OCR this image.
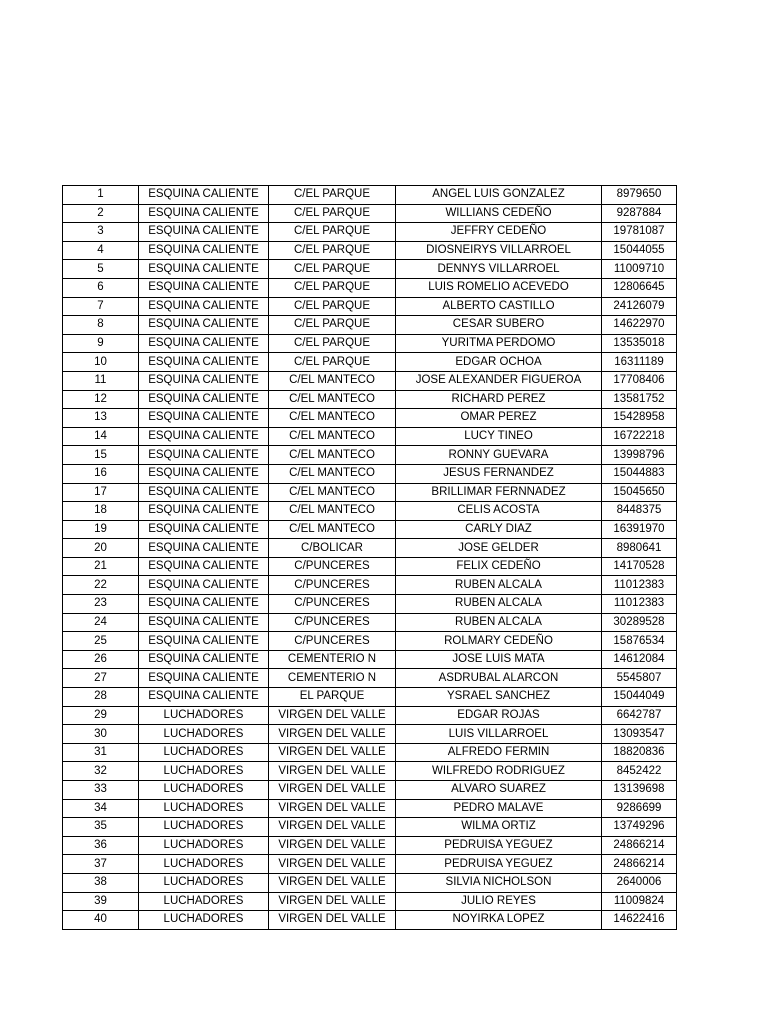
1	ESQUINA CALIENTE	C/EL PARQUE	ANGEL LUIS GONZALEZ	8979650
2	ESQUINA CALIENTE	C/EL PARQUE	WILLIANS CEDEÑO	9287884
3	ESQUINA CALIENTE	C/EL PARQUE	JEFFRY CEDEÑO	19781087
4	ESQUINA CALIENTE	C/EL PARQUE	DIOSNEIRYS VILLARROEL	15044055
5	ESQUINA CALIENTE	C/EL PARQUE	DENNYS VILLARROEL	11009710
6	ESQUINA CALIENTE	C/EL PARQUE	LUIS ROMELIO ACEVEDO	12806645
7	ESQUINA CALIENTE	C/EL PARQUE	ALBERTO CASTILLO	24126079
8	ESQUINA CALIENTE	C/EL PARQUE	CESAR SUBERO	14622970
9	ESQUINA CALIENTE	C/EL PARQUE	YURITMA PERDOMO	13535018
10	ESQUINA CALIENTE	C/EL PARQUE	EDGAR OCHOA	16311189
11	ESQUINA CALIENTE	C/EL MANTECO	JOSE ALEXANDER FIGUEROA	17708406
12	ESQUINA CALIENTE	C/EL MANTECO	RICHARD PEREZ	13581752
13	ESQUINA CALIENTE	C/EL MANTECO	OMAR PEREZ	15428958
14	ESQUINA CALIENTE	C/EL MANTECO	LUCY TINEO	16722218
15	ESQUINA CALIENTE	C/EL MANTECO	RONNY GUEVARA	13998796
16	ESQUINA CALIENTE	C/EL MANTECO	JESUS FERNANDEZ	15044883
17	ESQUINA CALIENTE	C/EL MANTECO	BRILLIMAR FERNNADEZ	15045650
18	ESQUINA CALIENTE	C/EL MANTECO	CELIS ACOSTA	8448375
19	ESQUINA CALIENTE	C/EL MANTECO	CARLY DIAZ	16391970
20	ESQUINA CALIENTE	C/BOLICAR	JOSE GELDER	8980641
21	ESQUINA CALIENTE	C/PUNCERES	FELIX CEDEÑO	14170528
22	ESQUINA CALIENTE	C/PUNCERES	RUBEN ALCALA	11012383
23	ESQUINA CALIENTE	C/PUNCERES	RUBEN ALCALA	11012383
24	ESQUINA CALIENTE	C/PUNCERES	RUBEN ALCALA	30289528
25	ESQUINA CALIENTE	C/PUNCERES	ROLMARY CEDEÑO	15876534
26	ESQUINA CALIENTE	CEMENTERIO N	JOSE LUIS MATA	14612084
27	ESQUINA CALIENTE	CEMENTERIO N	ASDRUBAL ALARCON	5545807
28	ESQUINA CALIENTE	EL PARQUE	YSRAEL SANCHEZ	15044049
29	LUCHADORES	VIRGEN DEL VALLE	EDGAR ROJAS	6642787
30	LUCHADORES	VIRGEN DEL VALLE	LUIS VILLARROEL	13093547
31	LUCHADORES	VIRGEN DEL VALLE	ALFREDO FERMIN	18820836
32	LUCHADORES	VIRGEN DEL VALLE	WILFREDO RODRIGUEZ	8452422
33	LUCHADORES	VIRGEN DEL VALLE	ALVARO SUAREZ	13139698
34	LUCHADORES	VIRGEN DEL VALLE	PEDRO MALAVE	9286699
35	LUCHADORES	VIRGEN DEL VALLE	WILMA ORTIZ	13749296
36	LUCHADORES	VIRGEN DEL VALLE	PEDRUISA YEGUEZ	24866214
37	LUCHADORES	VIRGEN DEL VALLE	PEDRUISA YEGUEZ	24866214
38	LUCHADORES	VIRGEN DEL VALLE	SILVIA NICHOLSON	2640006
39	LUCHADORES	VIRGEN DEL VALLE	JULIO REYES	11009824
40	LUCHADORES	VIRGEN DEL VALLE	NOYIRKA LOPEZ	14622416
